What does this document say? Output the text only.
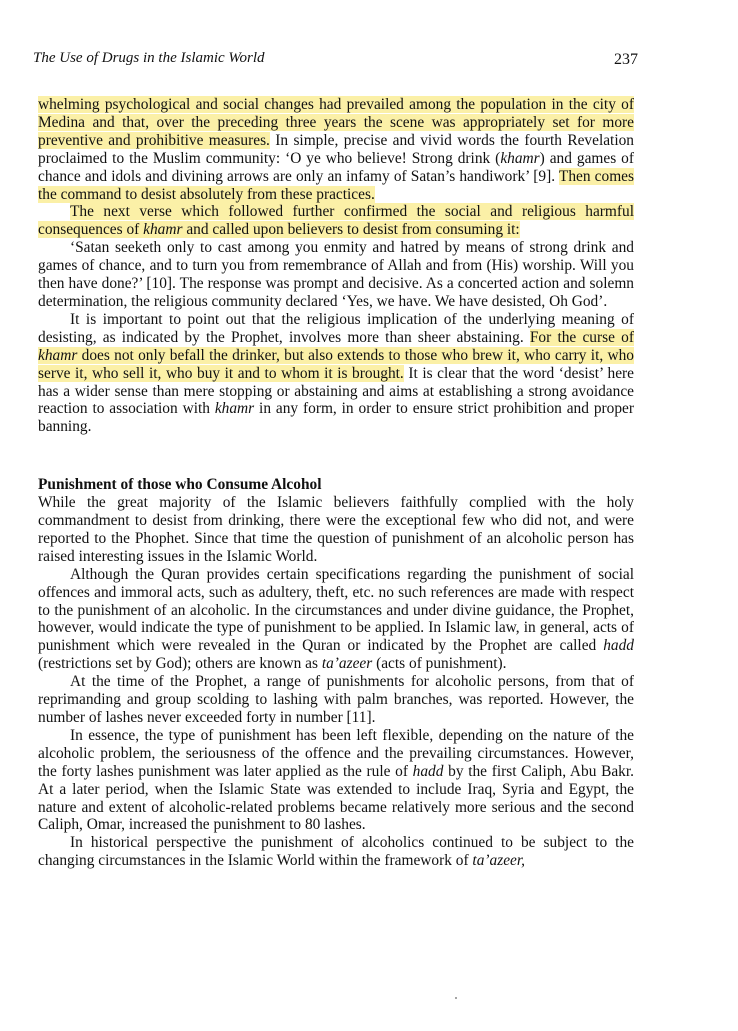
The Use of Drugs in the Islamic World	237

whelming psychological and social changes had prevailed among the population in the city of Medina and that, over the preceding three years the scene was appropriately set for more preventive and prohibitive measures. In simple, precise and vivid words the fourth Revelation proclaimed to the Muslim community: ‘O ye who believe! Strong drink (khamr) and games of chance and idols and divining arrows are only an infamy of Satan’s handiwork’ [9]. Then comes the command to desist absolutely from these practices.

The next verse which followed further confirmed the social and religious harmful consequences of khamr and called upon believers to desist from consuming it:

‘Satan seeketh only to cast among you enmity and hatred by means of strong drink and games of chance, and to turn you from remembrance of Allah and from (His) worship. Will you then have done?’ [10]. The response was prompt and decisive. As a concerted action and solemn determination, the religious community declared ‘Yes, we have. We have desisted, Oh God’.

It is important to point out that the religious implication of the underlying meaning of desisting, as indicated by the Prophet, involves more than sheer abstaining. For the curse of khamr does not only befall the drinker, but also extends to those who brew it, who carry it, who serve it, who sell it, who buy it and to whom it is brought. It is clear that the word ‘desist’ here has a wider sense than mere stopping or abstaining and aims at establishing a strong avoidance reaction to association with khamr in any form, in order to ensure strict prohibition and proper banning.

Punishment of those who Consume Alcohol

While the great majority of the Islamic believers faithfully complied with the holy commandment to desist from drinking, there were the exceptional few who did not, and were reported to the Phophet. Since that time the question of punishment of an alcoholic person has raised interesting issues in the Islamic World.

Although the Quran provides certain specifications regarding the punishment of social offences and immoral acts, such as adultery, theft, etc. no such references are made with respect to the punishment of an alcoholic. In the circumstances and under divine guidance, the Prophet, however, would indicate the type of punishment to be applied. In Islamic law, in general, acts of punishment which were revealed in the Quran or indicated by the Prophet are called hadd (restrictions set by God); others are known as ta’azeer (acts of punishment).

At the time of the Prophet, a range of punishments for alcoholic persons, from that of reprimanding and group scolding to lashing with palm branches, was reported. However, the number of lashes never exceeded forty in number [11].

In essence, the type of punishment has been left flexible, depending on the nature of the alcoholic problem, the seriousness of the offence and the prevailing circumstances. However, the forty lashes punishment was later applied as the rule of hadd by the first Caliph, Abu Bakr. At a later period, when the Islamic State was extended to include Iraq, Syria and Egypt, the nature and extent of alcoholic-related problems became relatively more serious and the second Caliph, Omar, increased the punishment to 80 lashes.

In historical perspective the punishment of alcoholics continued to be subject to the changing circumstances in the Islamic World within the framework of ta’azeer,
